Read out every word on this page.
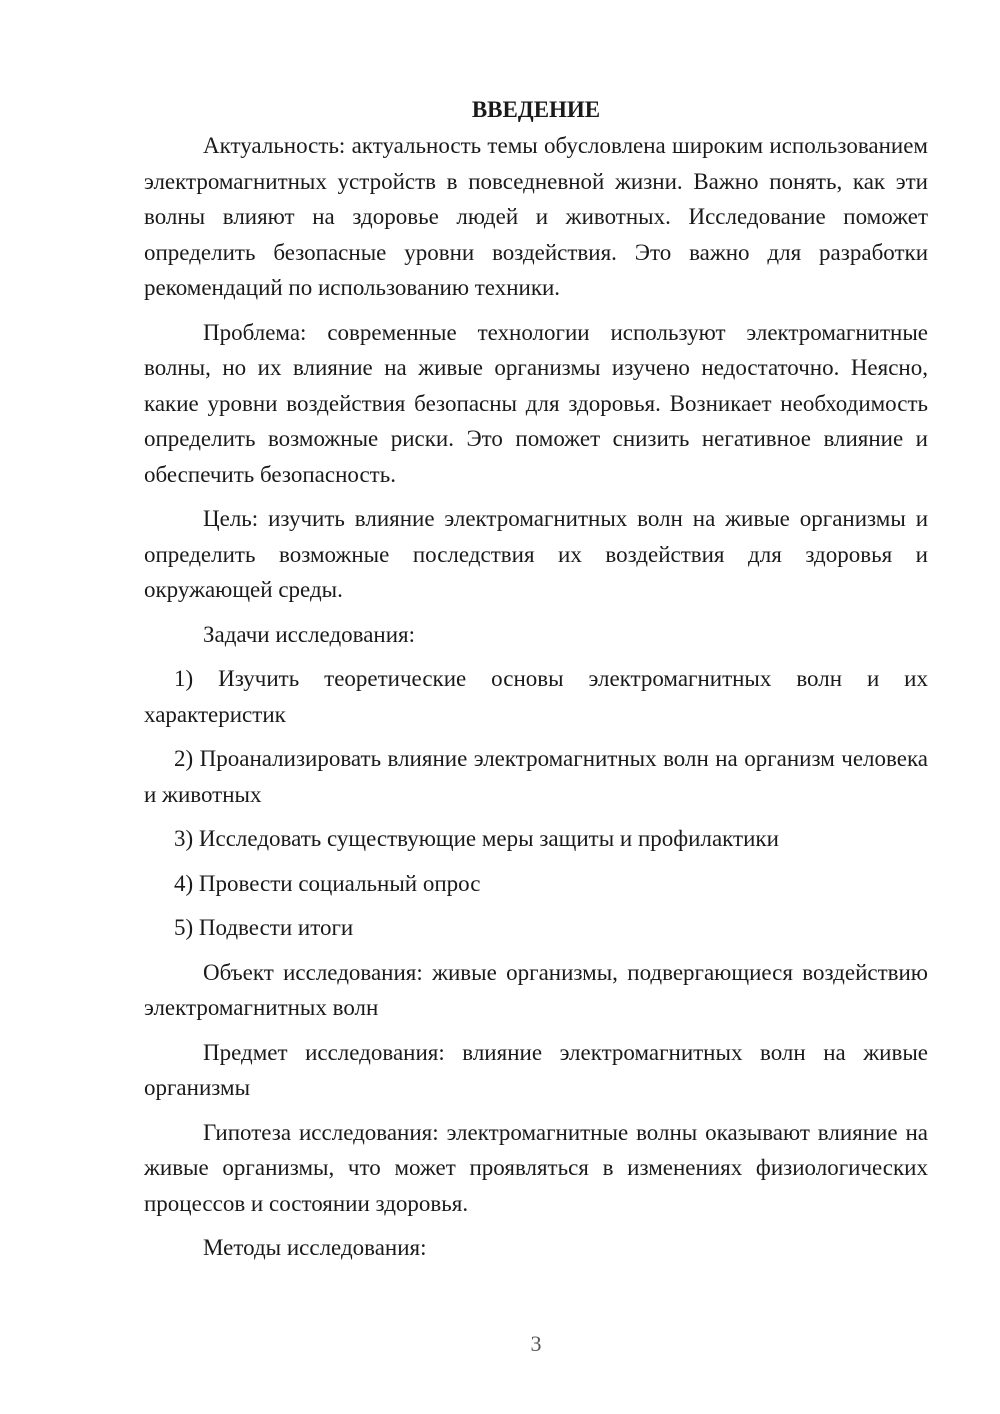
ВВЕДЕНИЕ

Актуальность: актуальность темы обусловлена широким использованием электромагнитных устройств в повседневной жизни. Важно понять, как эти волны влияют на здоровье людей и животных. Исследование поможет определить безопасные уровни воздействия. Это важно для разработки рекомендаций по использованию техники.

Проблема: современные технологии используют электромагнитные волны, но их влияние на живые организмы изучено недостаточно. Неясно, какие уровни воздействия безопасны для здоровья. Возникает необходимость определить возможные риски. Это поможет снизить негативное влияние и обеспечить безопасность.

Цель: изучить влияние электромагнитных волн на живые организмы и определить возможные последствия их воздействия для здоровья и окружающей среды.

Задачи исследования:

1) Изучить теоретические основы электромагнитных волн и их характеристик

2) Проанализировать влияние электромагнитных волн на организм человека и животных

3) Исследовать существующие меры защиты и профилактики

4) Провести социальный опрос

5) Подвести итоги

Объект исследования: живые организмы, подвергающиеся воздействию электромагнитных волн

Предмет исследования: влияние электромагнитных волн на живые организмы

Гипотеза исследования: электромагнитные волны оказывают влияние на живые организмы, что может проявляться в изменениях физиологических процессов и состоянии здоровья.

Методы исследования:

3
